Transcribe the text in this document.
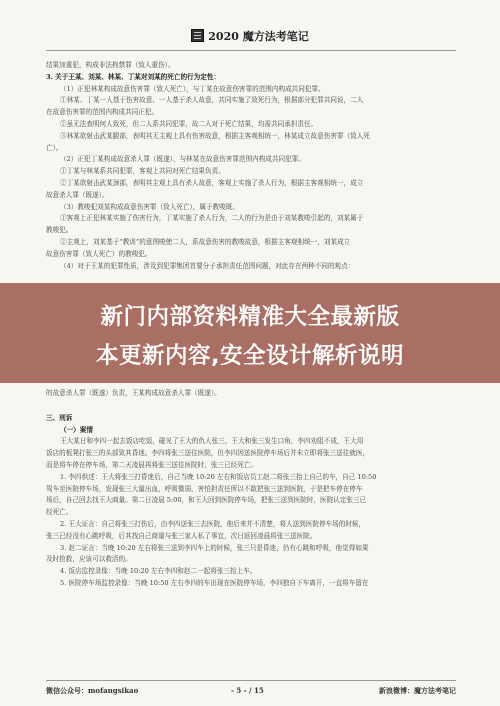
2020 魔方法考笔记
结果加重犯，构成非法拘禁罪（致人重伤）。
3. 关于王某、刘某、林某、丁某对刘某的死亡的行为定性：
（1）正犯林某构成故意伤害罪（致人死亡），与丁某在故意伤害罪的范围内构成共同犯罪。
①林某、丁某一人基于伤害故意、一人基于杀人故意，共同实施了致死行为，根据部分犯罪共同说，二人
在故意伤害罪的范围内构成共同正犯。
②虽无法查明何人致死，但二人系共同犯罪，故二人对于死亡结果，均需共同承担责任。
③林某欲射击武某腿部，表明其无主观上具有伤害故意，根据主客观相统一，林某成立故意伤害罪（致人死
亡）。
（2）正犯丁某构成故意杀人罪（既遂），与林某在故意伤害罪范围内构成共同犯罪。
①丁某与林某系共同犯罪，客观上共同对死亡结果负责。
②丁某欲射击武某颈部，表明其主观上具有杀人故意，客观上实施了杀人行为，根据主客观相统一，成立
故意杀人罪（既遂）。
（3）教唆犯刘某构成故意伤害罪（致人死亡），属于教唆既。
①客观上正犯林某实施了伤害行为，丁某实施了杀人行为，二人的行为是由于刘某教唆引起的，刘某属于
教唆犯。
②主观上，刘某基于“教训”的意图唆使二人，系故意伤害的教唆故意，根据主客观相统一，刘某成立
故意伤害罪（致人死亡）的教唆犯。
（4）对于王某的犯罪性质，涉及到犯罪集团首要分子承担责任范围问题，对此存在两种不同的观点：
的故意杀人罪（既遂）负责，王某构成故意杀人罪（既遂）。
三、刑诉
（一）案情
王大某日和李四一起去饭店吃饭，碰见了王大的仇人张三，王大和张三发生口角，李四劝阻不成，王大用
饭店的板凳打张三的头部致其昏迷。李四将张三送往医院，但李四因送医院停车场后并未立即将张三送往就医，
而是将车停在停车场，第二天凌晨再将张三送往医院时，张三已经死亡。
1. 李四供述：王大将张三打昏迷后，自己当晚 10:20 左右和饭店员工赵二将张三抬上自己的车，自己 10:50
驾车至医院停车场，发现张三大量出血，呼吸微弱，害怕担责任所以不敢把张三送到医院，于是把车停在停车
场后，自己回去找王大商量。第二日凌晨 5:00，和王大回到医院停车场，把张三送到医院时，医院认定张三已
经死亡。
2. 王大证言：自己将张三打伤后，由李四送张三去医院，他后来并不清楚，将人送到医院停车场的时候，
张三已经没有心跳呼吸，后其找自己商量与张三家人私了事宜，次日返回凌晨将张三送医院。
3. 赵二证言：当晚 10:20 左右将张三送到李四车上的时候，张三只是昏迷，仍有心跳和呼吸，他觉得如果
及时抢救，应该可以救活的。
4. 饭店监控录像：当晚 10:20 左右李四和赵二一起将张三抬上车。
5. 医院停车场监控录像：当晚 10:50 左右李四的车出现在医院停车场，李四独自下车离开，一直将车留在
微信公众号：mofangsikao	- 5 - / 15	新浪微博：魔方法考笔记
新门内部资料精准大全最新版
本更新内容,安全设计解析说明
